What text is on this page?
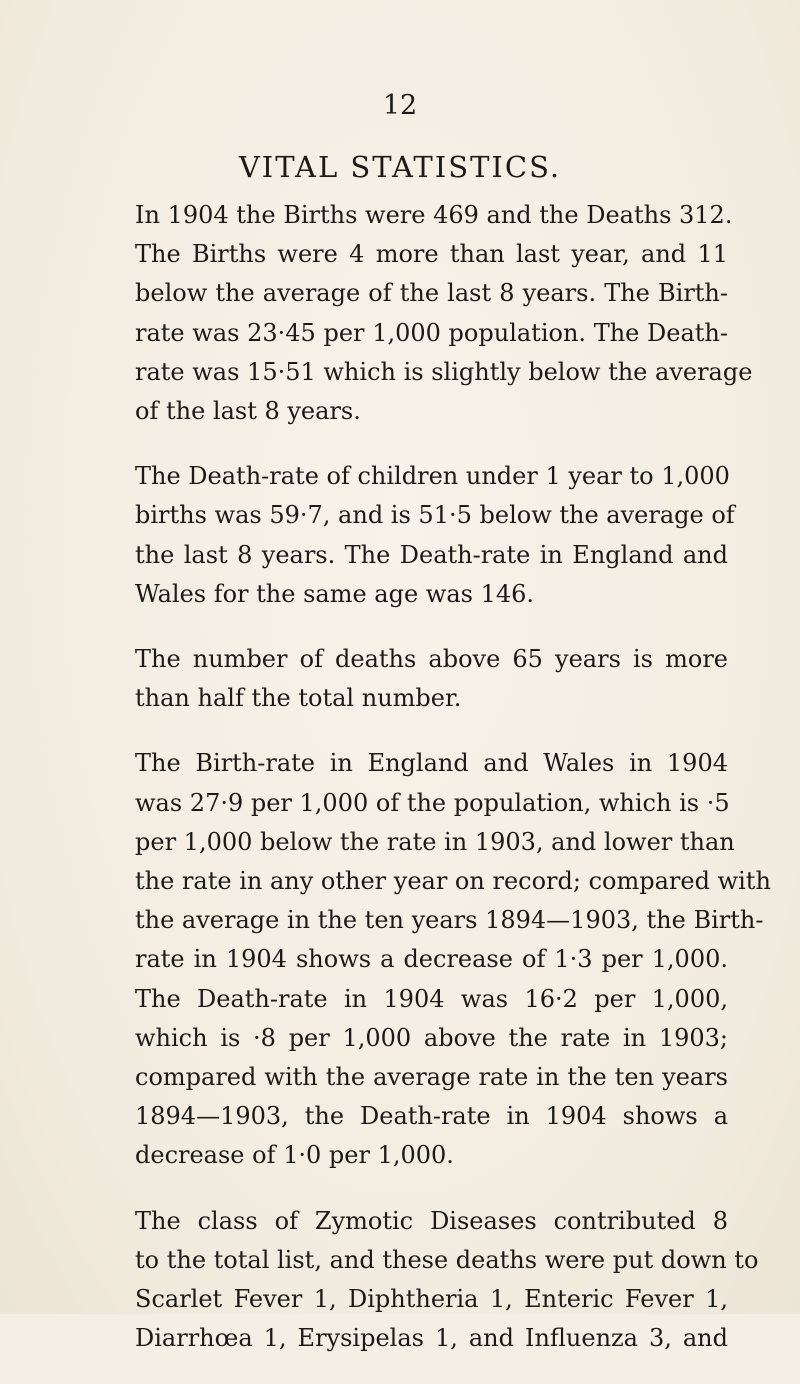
12
VITAL STATISTICS.

In 1904 the Births were 469 and the Deaths 312.
The Births were 4 more than last year, and 11
below the average of the last 8 years. The Birth-
rate was 23·45 per 1,000 population. The Death-
rate was 15·51 which is slightly below the average
of the last 8 years.

The Death-rate of children under 1 year to 1,000
births was 59·7, and is 51·5 below the average of
the last 8 years. The Death-rate in England and
Wales for the same age was 146.

The number of deaths above 65 years is more
than half the total number.

The Birth-rate in England and Wales in 1904
was 27·9 per 1,000 of the population, which is ·5
per 1,000 below the rate in 1903, and lower than
the rate in any other year on record; compared with
the average in the ten years 1894—1903, the Birth-
rate in 1904 shows a decrease of 1·3 per 1,000.
The Death-rate in 1904 was 16·2 per 1,000,
which is ·8 per 1,000 above the rate in 1903;
compared with the average rate in the ten years
1894—1903, the Death-rate in 1904 shows a
decrease of 1·0 per 1,000.

The class of Zymotic Diseases contributed 8
to the total list, and these deaths were put down to
Scarlet Fever 1, Diphtheria 1, Enteric Fever 1,
Diarrhœa 1, Erysipelas 1, and Influenza 3, and
